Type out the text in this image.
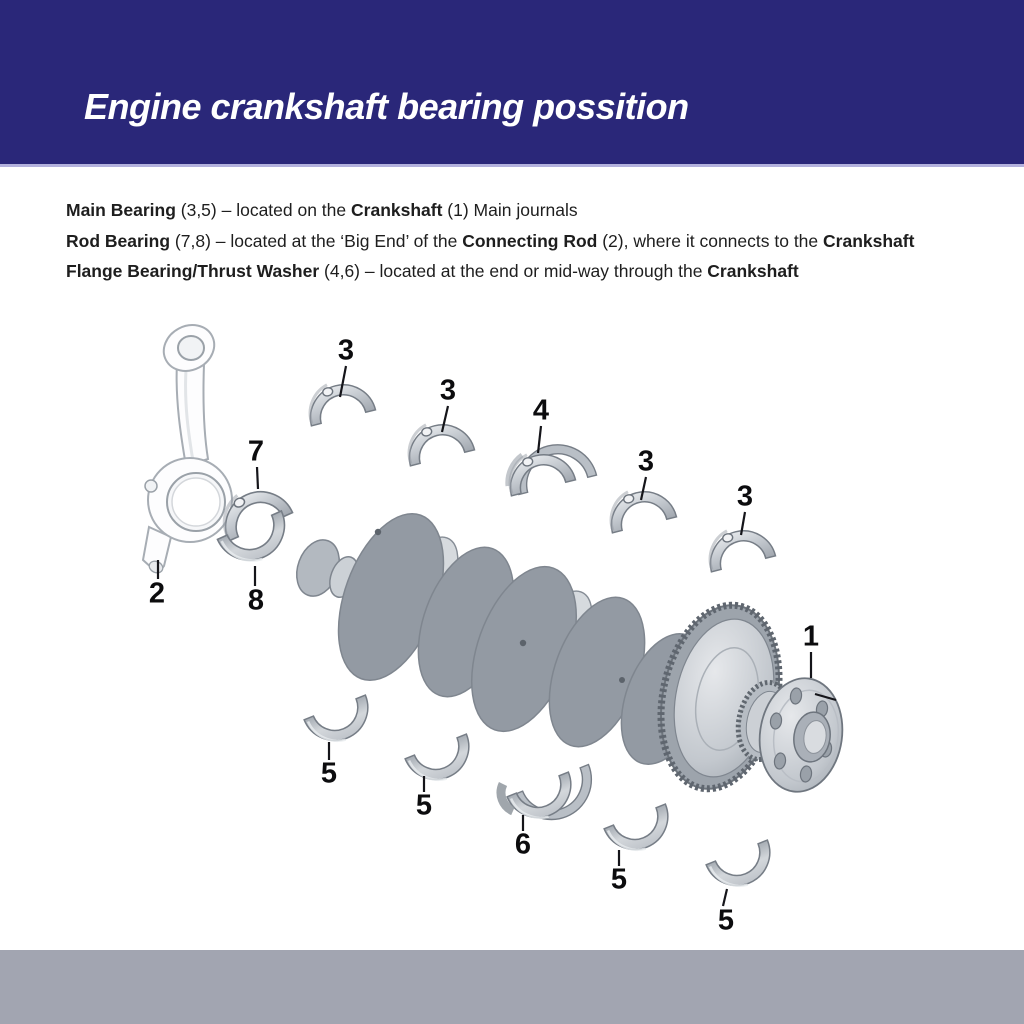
Engine crankshaft bearing possition
Main Bearing (3,5) – located on the Crankshaft (1) Main journals
Rod Bearing (7,8) – located at the ‘Big End’ of the Connecting Rod (2), where it connects to the Crankshaft
Flange Bearing/Thrust Washer (4,6) – located at the end or mid-way through the Crankshaft
1
2
3
3
4
3
3
7
8
5
5
6
5
5
